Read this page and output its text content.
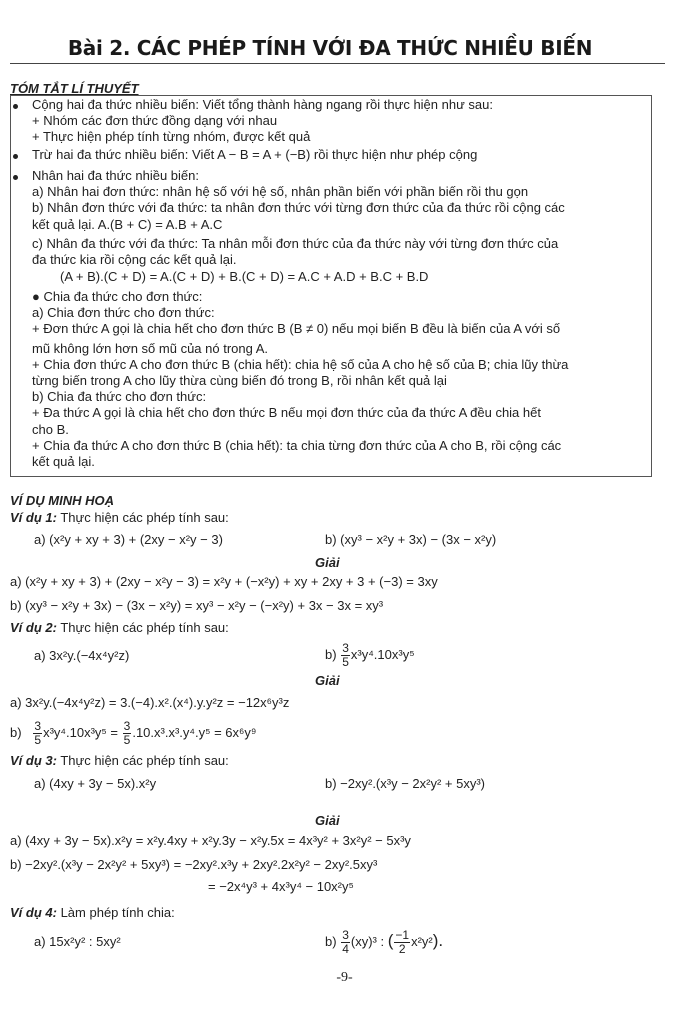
Bài 2. CÁC PHÉP TÍNH VỚI ĐA THỨC NHIỀU BIẾN
TÓM TẮT LÍ THUYẾT
Cộng hai đa thức nhiều biến: Viết tổng thành hàng ngang rồi thực hiện như sau:
+ Nhóm các đơn thức đồng dạng với nhau
+ Thực hiện phép tính từng nhóm, được kết quả
Trừ hai đa thức nhiều biến: Viết A − B = A + (−B) rồi thực hiện như phép cộng
Nhân hai đa thức nhiều biến:
a) Nhân hai đơn thức: nhân hệ số với hệ số, nhân phần biến với phần biến rồi thu gọn
b) Nhân đơn thức với đa thức: ta nhân đơn thức với từng đơn thức của đa thức rồi cộng các
kết quả lại. A.(B + C) = A.B + A.C
c) Nhân đa thức với đa thức: Ta nhân mỗi đơn thức của đa thức này với từng đơn thức của
đa thức kia rồi cộng các kết quả lại.
(A + B).(C + D) = A.(C + D) + B.(C + D) = A.C + A.D + B.C + B.D
● Chia đa thức cho đơn thức:
a) Chia đơn thức cho đơn thức:
+ Đơn thức A gọi là chia hết cho đơn thức B (B ≠ 0) nếu mọi biến B đều là biến của A với số
mũ không lớn hơn số mũ của nó trong A.
+ Chia đơn thức A cho đơn thức B (chia hết): chia hệ số của A cho hệ số của B; chia lũy thừa
từng biến trong A cho lũy thừa cùng biến đó trong B, rồi nhân kết quả lại
b) Chia đa thức cho đơn thức:
+ Đa thức A gọi là chia hết cho đơn thức B nếu mọi đơn thức của đa thức A đều chia hết
cho B.
+ Chia đa thức A cho đơn thức B (chia hết): ta chia từng đơn thức của A cho B, rồi cộng các
kết quả lại.
VÍ DỤ MINH HOẠ
Ví dụ 1: Thực hiện các phép tính sau:
a) (x²y + xy + 3) + (2xy − x²y − 3)	b) (xy³ − x²y + 3x) − (3x − x²y)
Giải
a) (x²y + xy + 3) + (2xy − x²y − 3) = x²y + (−x²y) + xy + 2xy + 3 + (−3) = 3xy
b) (xy³ − x²y + 3x) − (3x − x²y) = xy³ − x²y − (−x²y) + 3x − 3x = xy³
Ví dụ 2: Thực hiện các phép tính sau:
a) 3x²y.(−4x⁴y²z)	$b) \frac{3}{5} x^3y^4.10x^3y^5$
Giải
a) 3x²y.(−4x⁴y²z) = 3.(−4).x².(x⁴).y.y²z = −12x⁶y³z
$b) \frac{3}{5} x^3y^4.10x^3y^5 = \frac{3}{5} .10.x^3.x^3.y^4.y^5 = 6x^6y^9$
Ví dụ 3: Thực hiện các phép tính sau:
a) (4xy + 3y − 5x).x²y	b) −2xy².(x³y − 2x²y² + 5xy³)
Giải
a) (4xy + 3y − 5x).x²y = x²y.4xy + x²y.3y − x²y.5x = 4x³y² + 3x²y² − 5x³y
b) −2xy².(x³y − 2x²y² + 5xy³) = −2xy².x³y + 2xy².2x²y² − 2xy².5xy³
= −2x⁴y³ + 4x³y⁴ − 10x²y⁵
Ví dụ 4: Làm phép tính chia:
a) 15x²y² : 5xy²	$b) \frac{3}{4} (xy)^3$ : ( $\frac{-1}{2} x^2y^2$).
-9-
